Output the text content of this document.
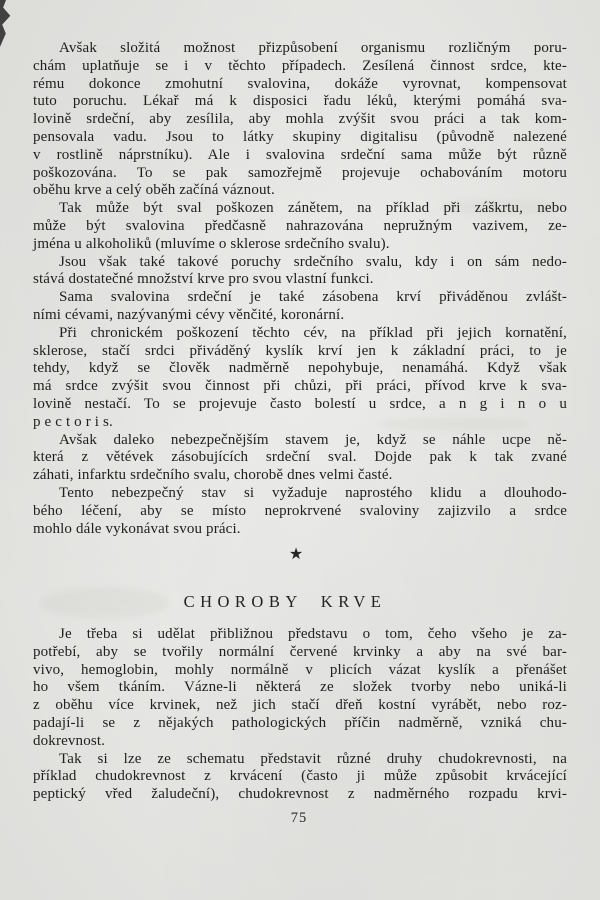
Avšak složitá možnost přizpůsobení organismu rozličným poru-
chám uplatňuje se i v těchto případech. Zesílená činnost srdce, kte-
rému dokonce zmohutní svalovina, dokáže vyrovnat, kompensovat
tuto poruchu. Lékař má k disposici řadu léků, kterými pomáhá sva-
lovině srdeční, aby zesílila, aby mohla zvýšit svou práci a tak kom-
pensovala vadu. Jsou to látky skupiny digitalisu (původně nalezené
v rostlině náprstníku). Ale i svalovina srdeční sama může být různě
poškozována. To se pak samozřejmě projevuje ochabováním motoru
oběhu krve a celý oběh začíná váznout.
Tak může být sval poškozen zánětem, na příklad při záškrtu, nebo
může být svalovina předčasně nahrazována nepružným vazivem, ze-
jména u alkoholiků (mluvíme o sklerose srdečního svalu).
Jsou však také takové poruchy srdečního svalu, kdy i on sám nedo-
stává dostatečné množství krve pro svou vlastní funkci.
Sama svalovina srdeční je také zásobena krví přiváděnou zvlášt-
ními cévami, nazývanými cévy věnčité, koronární.
Při chronickém poškození těchto cév, na příklad při jejich kornatění,
sklerose, stačí srdci přiváděný kyslík krví jen k základní práci, to je
tehdy, když se člověk nadměrně nepohybuje, nenamáhá. Když však
má srdce zvýšit svou činnost při chůzi, při práci, přívod krve k sva-
lovině nestačí. To se projevuje často bolestí u srdce, a n g i n o u
p e c t o r i s.
Avšak daleko nebezpečnějším stavem je, když se náhle ucpe ně-
která z větévek zásobujících srdeční sval. Dojde pak k tak zvané
záhati, infarktu srdečního svalu, chorobě dnes velmi časté.
Tento nebezpečný stav si vyžaduje naprostého klidu a dlouhodo-
bého léčení, aby se místo neprokrvené svaloviny zajizvilo a srdce
mohlo dále vykonávat svou práci.
★
CHOROBY KRVE
Je třeba si udělat přibližnou představu o tom, čeho všeho je za-
potřebí, aby se tvořily normální červené krvinky a aby na své bar-
vivo, hemoglobin, mohly normálně v plicích vázat kyslík a přenášet
ho všem tkáním. Vázne-li některá ze složek tvorby nebo uniká-li
z oběhu více krvinek, než jich stačí dřeň kostní vyrábět, nebo roz-
padají-li se z nějakých pathologických příčin nadměrně, vzniká chu-
dokrevnost.
Tak si lze ze schematu představit různé druhy chudokrevnosti, na
příklad chudokrevnost z krvácení (často ji může způsobit krvácející
peptický vřed žaludeční), chudokrevnost z nadměrného rozpadu krvi-
75
